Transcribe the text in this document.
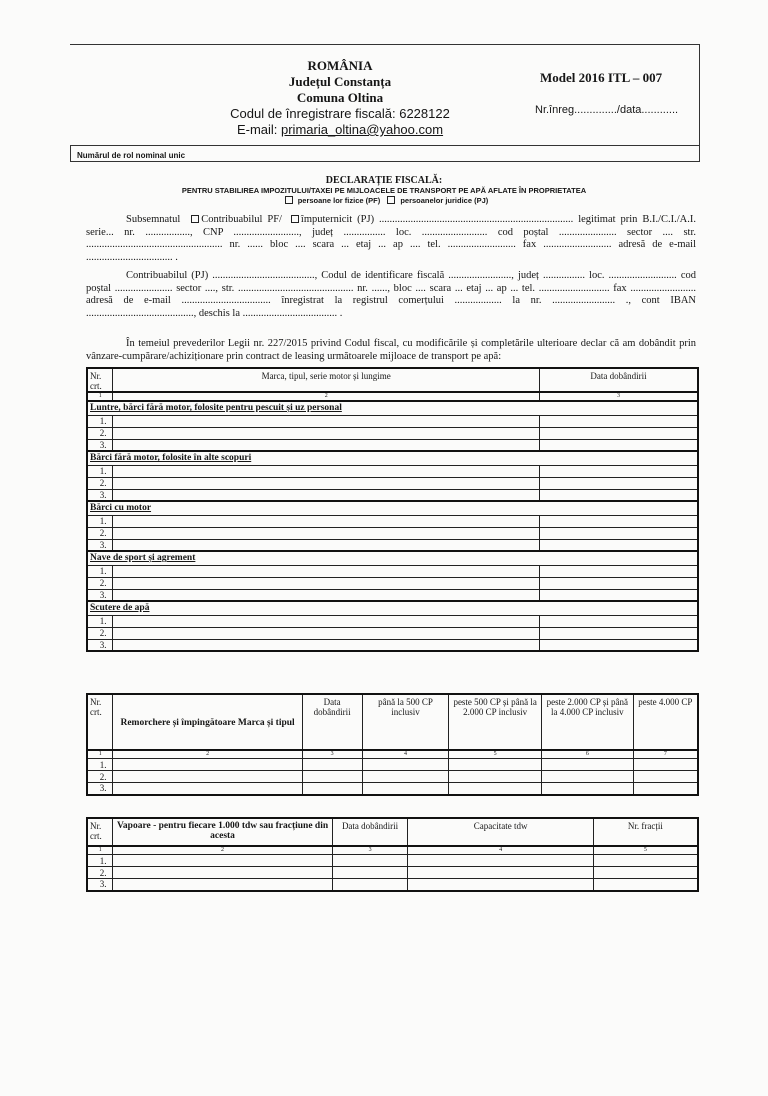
ROMÂNIA
Județul Constanța
Comuna Oltina
Codul de înregistrare fiscală: 6228122
E-mail: primaria_oltina@yahoo.com
Model 2016 ITL – 007
Nr.înreg............../data............
Numărul de rol nominal unic
DECLARAȚIE FISCALĂ:
PENTRU STABILIREA IMPOZITULUI/TAXEI PE MIJLOACELE DE TRANSPORT PE APĂ AFLATE ÎN PROPRIETATEA
persoane lor fizice (PF)	persoanelor juridice (PJ)
Subsemnatul Contribuabilul PF/ împuternicit (PJ) .......................................................................... legitimat prin B.I./C.I./A.I. serie... nr. ................., CNP ........................., județ ................ loc. ......................... cod poștal ...................... sector .... str. .................................................... nr. ...... bloc .... scara ... etaj ... ap .... tel. .......................... fax .......................... adresă de e-mail ................................. .
Contribuabilul (PJ) ......................................., Codul de identificare fiscală ........................, județ ................ loc. .......................... cod poștal ...................... sector ...., str. ............................................ nr. ......, bloc .... scara ... etaj ... ap ... tel. ........................... fax ......................... adresă de e-mail .................................. înregistrat la registrul comerțului .................. la nr. ........................ ., cont IBAN ........................................., deschis la .................................... .
În temeiul prevederilor Legii nr. 227/2015 privind Codul fiscal, cu modificările și completările ulterioare declar că am dobândit prin vânzare-cumpărare/achiziționare prin contract de leasing următoarele mijloace de transport pe apă:
Nr. crt.	Marca, tipul, serie motor și lungime	Data dobândirii
1	2	3
Luntre, bărci fără motor, folosite pentru pescuit și uz personal		
1.		
2.		
3.		
Bărci fără motor, folosite în alte scopuri		
1.		
2.		
3.		
Bărci cu motor		
1.		
2.		
3.		
Nave de sport și agrement		
1.		
2.		
3.		
Scutere de apă		
1.		
2.		
3.		
Nr. crt.	Remorchere și împingătoare Marca și tipul	Data dobândirii	până la 500 CP inclusiv	peste 500 CP și până la 2.000 CP inclusiv	peste 2.000 CP și până la 4.000 CP inclusiv	peste 4.000 CP
1	2	3	4	5	6	7
1.						
2.						
3.						
Nr. crt.	Vapoare - pentru fiecare 1.000 tdw sau fracțiune din acesta	Data dobândirii	Capacitate tdw	Nr. fracții
1	2	3	4	5
1.				
2.				
3.				
